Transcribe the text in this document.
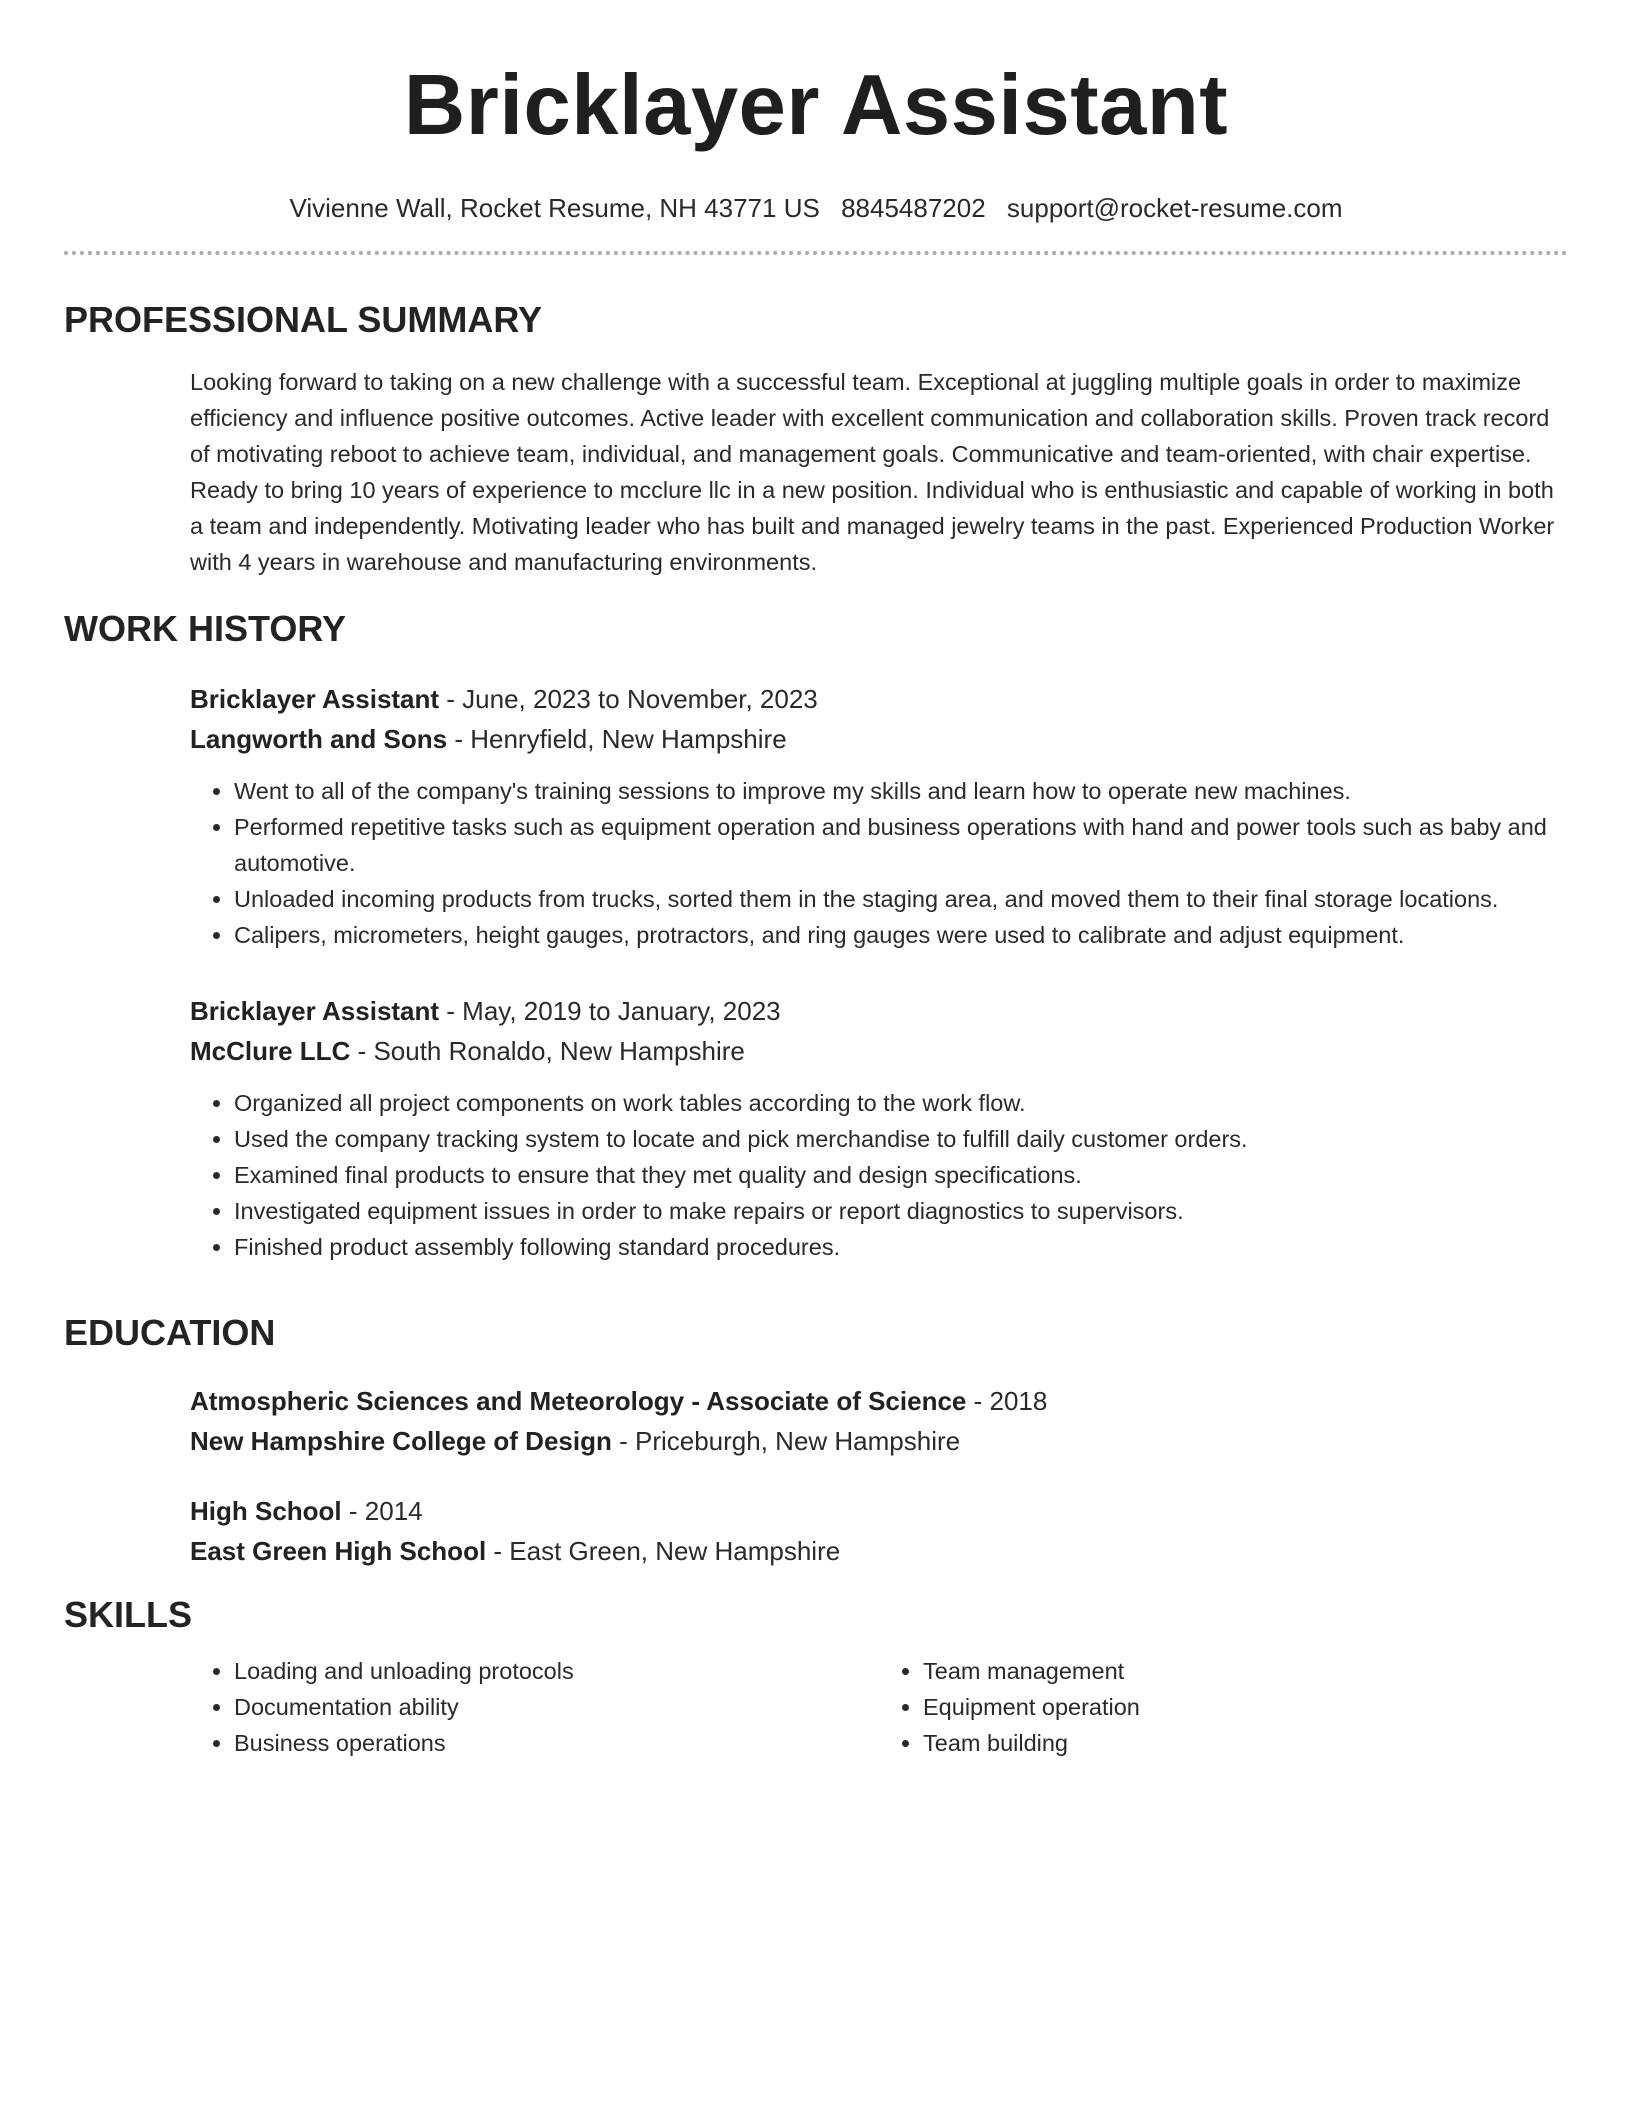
Bricklayer Assistant
Vivienne Wall, Rocket Resume, NH 43771 US 8845487202 support@rocket-resume.com
PROFESSIONAL SUMMARY

Looking forward to taking on a new challenge with a successful team. Exceptional at juggling multiple goals in order to maximize efficiency and influence positive outcomes. Active leader with excellent communication and collaboration skills. Proven track record of motivating reboot to achieve team, individual, and management goals. Communicative and team-oriented, with chair expertise. Ready to bring 10 years of experience to mcclure llc in a new position. Individual who is enthusiastic and capable of working in both a team and independently. Motivating leader who has built and managed jewelry teams in the past. Experienced Production Worker with 4 years in warehouse and manufacturing environments.

WORK HISTORY
Bricklayer Assistant - June, 2023 to November, 2023
Langworth and Sons - Henryfield, New Hampshire
• Went to all of the company's training sessions to improve my skills and learn how to operate new machines.
• Performed repetitive tasks such as equipment operation and business operations with hand and power tools such as baby and automotive.
• Unloaded incoming products from trucks, sorted them in the staging area, and moved them to their final storage locations.
• Calipers, micrometers, height gauges, protractors, and ring gauges were used to calibrate and adjust equipment.
Bricklayer Assistant - May, 2019 to January, 2023
McClure LLC - South Ronaldo, New Hampshire
• Organized all project components on work tables according to the work flow.
• Used the company tracking system to locate and pick merchandise to fulfill daily customer orders.
• Examined final products to ensure that they met quality and design specifications.
• Investigated equipment issues in order to make repairs or report diagnostics to supervisors.
• Finished product assembly following standard procedures.
EDUCATION
Atmospheric Sciences and Meteorology - Associate of Science - 2018
New Hampshire College of Design - Priceburgh, New Hampshire
High School - 2014
East Green High School - East Green, New Hampshire
SKILLS
• Loading and unloading protocols
• Documentation ability
• Business operations
• Team management
• Equipment operation
• Team building
